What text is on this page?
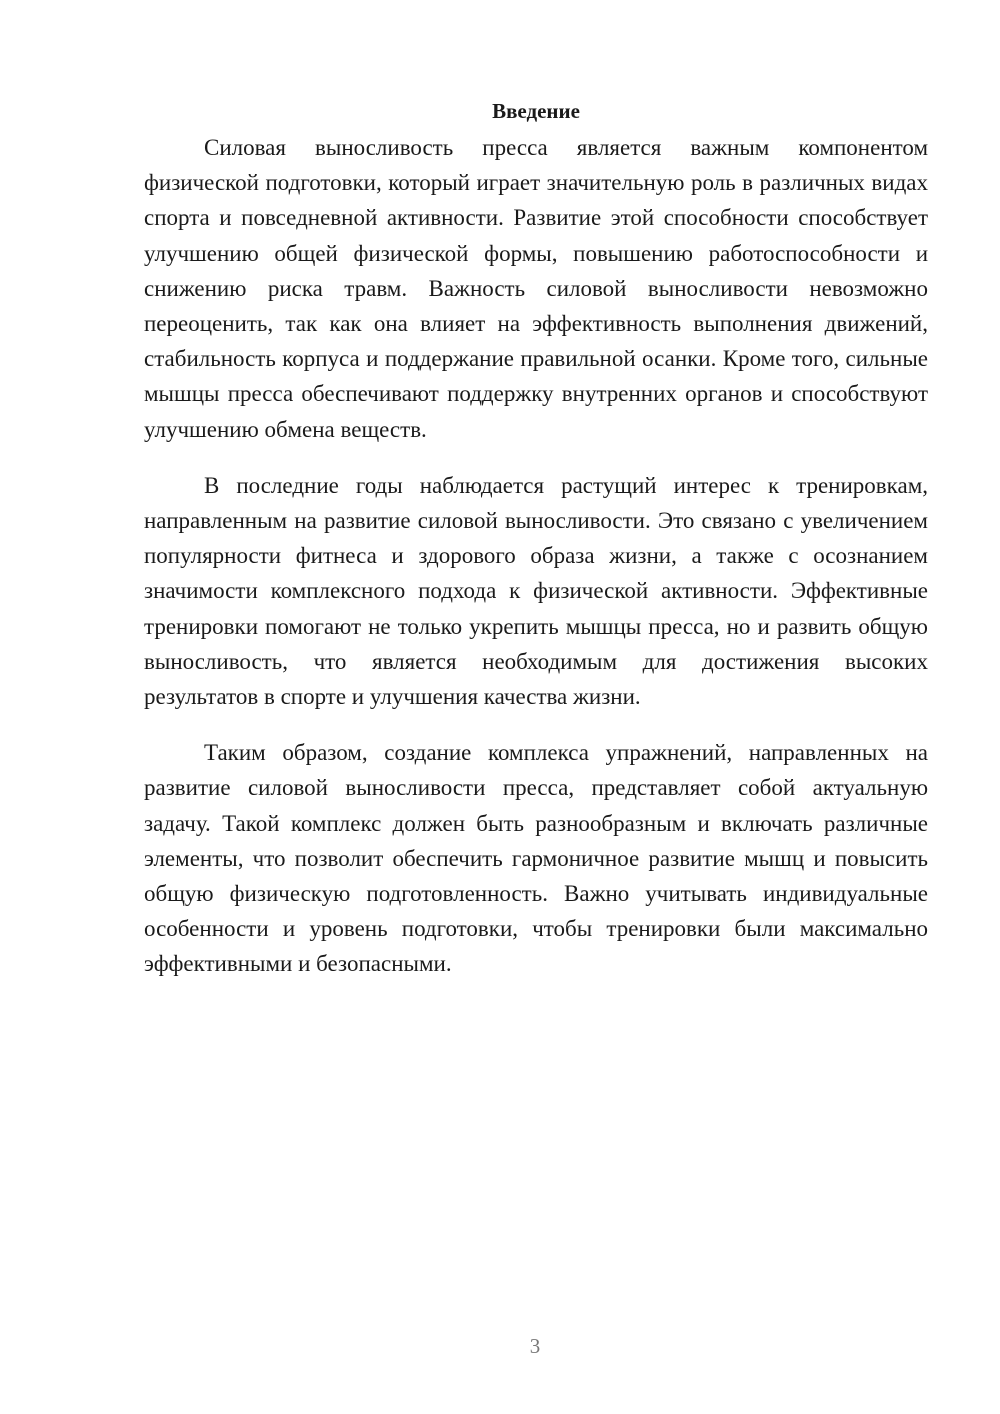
Введение

Силовая выносливость пресса является важным компонентом физической подготовки, который играет значительную роль в различных видах спорта и повседневной активности. Развитие этой способности способствует улучшению общей физической формы, повышению работоспособности и снижению риска травм. Важность силовой выносливости невозможно переоценить, так как она влияет на эффективность выполнения движений, стабильность корпуса и поддержание правильной осанки. Кроме того, сильные мышцы пресса обеспечивают поддержку внутренних органов и способствуют улучшению обмена веществ.

В последние годы наблюдается растущий интерес к тренировкам, направленным на развитие силовой выносливости. Это связано с увеличением популярности фитнеса и здорового образа жизни, а также с осознанием значимости комплексного подхода к физической активности. Эффективные тренировки помогают не только укрепить мышцы пресса, но и развить общую выносливость, что является необходимым для достижения высоких результатов в спорте и улучшения качества жизни.

Таким образом, создание комплекса упражнений, направленных на развитие силовой выносливости пресса, представляет собой актуальную задачу. Такой комплекс должен быть разнообразным и включать различные элементы, что позволит обеспечить гармоничное развитие мышц и повысить общую физическую подготовленность. Важно учитывать индивидуальные особенности и уровень подготовки, чтобы тренировки были максимально эффективными и безопасными.

3
